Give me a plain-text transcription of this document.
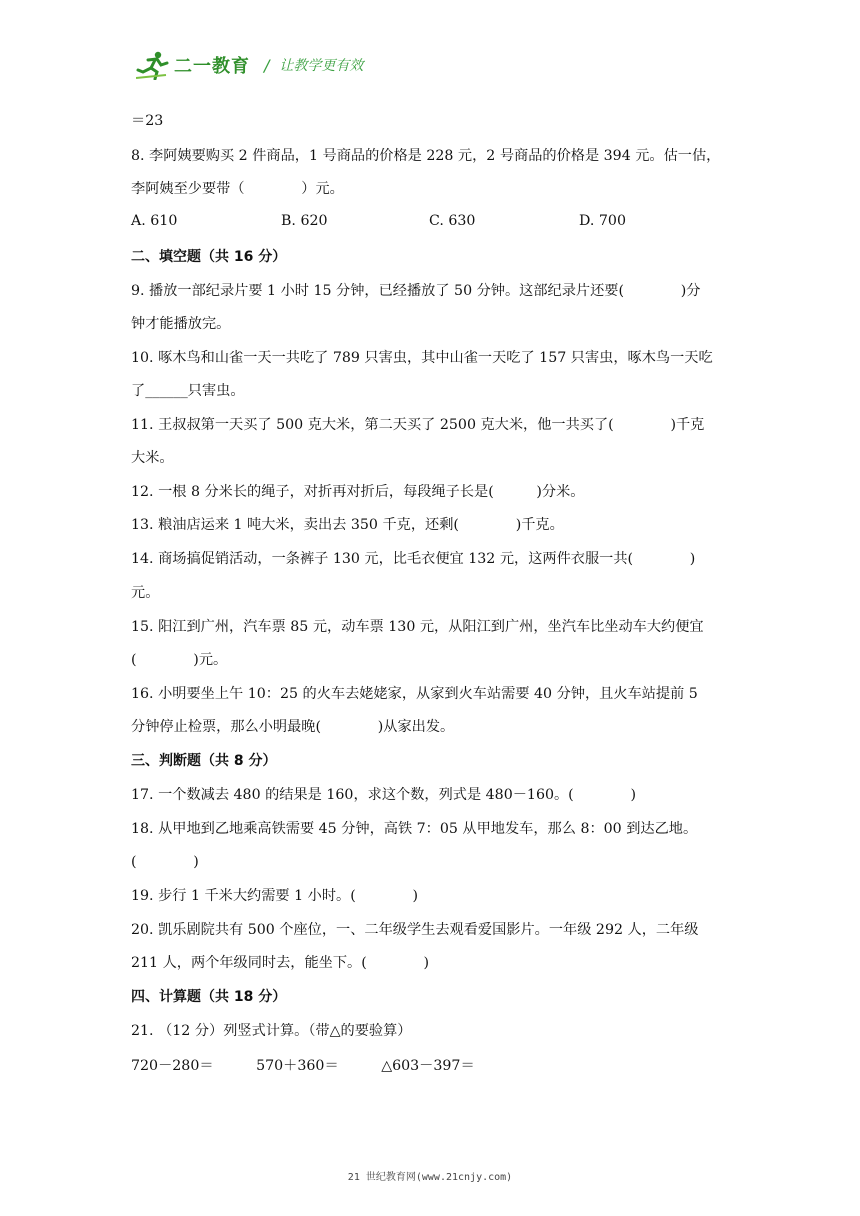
二一教育 / 让教学更有效
＝23
8. 李阿姨要购买 2 件商品，1 号商品的价格是 228 元，2 号商品的价格是 394 元。估一估，
李阿姨至少要带（　　　　）元。
A. 610	B. 620	C. 630	D. 700
二、填空题（共 16 分）
9. 播放一部纪录片要 1 小时 15 分钟，已经播放了 50 分钟。这部纪录片还要(　　　　)分
钟才能播放完。
10. 啄木鸟和山雀一天一共吃了 789 只害虫，其中山雀一天吃了 157 只害虫，啄木鸟一天吃
了______只害虫。
11. 王叔叔第一天买了 500 克大米，第二天买了 2500 克大米，他一共买了(　　　　)千克
大米。
12. 一根 8 分米长的绳子，对折再对折后，每段绳子长是(　　　)分米。
13. 粮油店运来 1 吨大米，卖出去 350 千克，还剩(　　　　)千克。
14. 商场搞促销活动，一条裤子 130 元，比毛衣便宜 132 元，这两件衣服一共(　　　　)
元。
15. 阳江到广州，汽车票 85 元，动车票 130 元，从阳江到广州，坐汽车比坐动车大约便宜
(　　　　)元。
16. 小明要坐上午 10：25 的火车去姥姥家，从家到火车站需要 40 分钟，且火车站提前 5
分钟停止检票，那么小明最晚(　　　　)从家出发。
三、判断题（共 8 分）
17. 一个数减去 480 的结果是 160，求这个数，列式是 480－160。(　　　　)
18. 从甲地到乙地乘高铁需要 45 分钟，高铁 7：05 从甲地发车，那么 8：00 到达乙地。
(　　　　)
19. 步行 1 千米大约需要 1 小时。(　　　　)
20. 凯乐剧院共有 500 个座位，一、二年级学生去观看爱国影片。一年级 292 人，二年级
211 人，两个年级同时去，能坐下。(　　　　)
四、计算题（共 18 分）
21. （12 分）列竖式计算。（带△的要验算）
720－280＝　　　570＋360＝　　　△603－397＝
21 世纪教育网(www.21cnjy.com)
